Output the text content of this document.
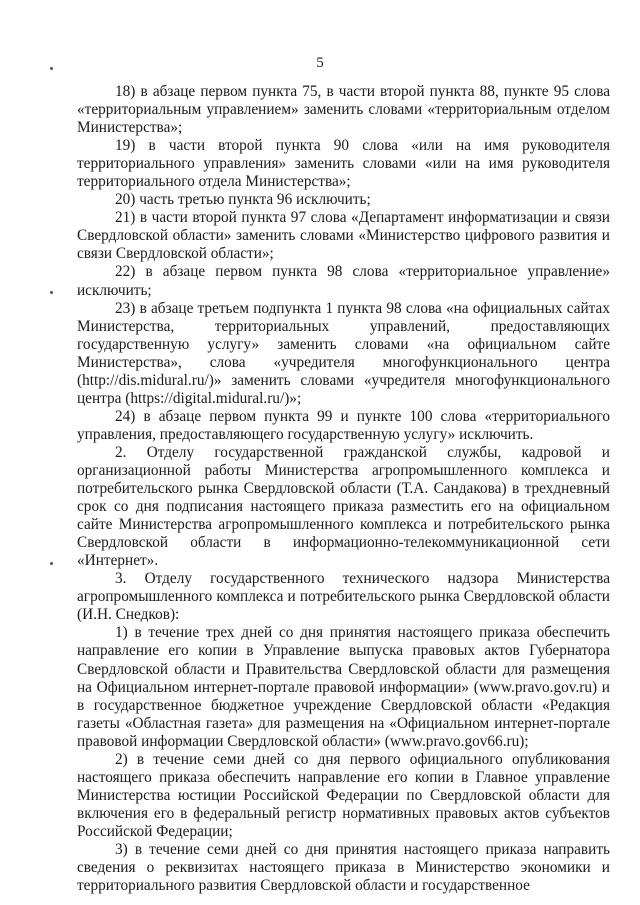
5

18) в абзаце первом пункта 75, в части второй пункта 88, пункте 95 слова «территориальным управлением» заменить словами «территориальным отделом Министерства»;

19) в части второй пункта 90 слова «или на имя руководителя территориального управления» заменить словами «или на имя руководителя территориального отдела Министерства»;

20) часть третью пункта 96 исключить;

21) в части второй пункта 97 слова «Департамент информатизации и связи Свердловской области» заменить словами «Министерство цифрового развития и связи Свердловской области»;

22) в абзаце первом пункта 98 слова «территориальное управление» исключить;

23) в абзаце третьем подпункта 1 пункта 98 слова «на официальных сайтах Министерства, территориальных управлений, предоставляющих государственную услугу» заменить словами «на официальном сайте Министерства», слова «учредителя многофункционального центра (http://dis.midural.ru/)» заменить словами «учредителя многофункционального центра (https://digital.midural.ru/)»;

24) в абзаце первом пункта 99 и пункте 100 слова «территориального управления, предоставляющего государственную услугу» исключить.

2. Отделу государственной гражданской службы, кадровой и организационной работы Министерства агропромышленного комплекса и потребительского рынка Свердловской области (Т.А. Сандакова) в трехдневный срок со дня подписания настоящего приказа разместить его на официальном сайте Министерства агропромышленного комплекса и потребительского рынка Свердловской области в информационно-телекоммуникационной сети «Интернет».

3. Отделу государственного технического надзора Министерства агропромышленного комплекса и потребительского рынка Свердловской области (И.Н. Снедков):

1) в течение трех дней со дня принятия настоящего приказа обеспечить направление его копии в Управление выпуска правовых актов Губернатора Свердловской области и Правительства Свердловской области для размещения на Официальном интернет-портале правовой информации» (www.pravo.gov.ru) и в государственное бюджетное учреждение Свердловской области «Редакция газеты «Областная газета» для размещения на «Официальном интернет-портале правовой информации Свердловской области» (www.pravo.gov66.ru);

2) в течение семи дней со дня первого официального опубликования настоящего приказа обеспечить направление его копии в Главное управление Министерства юстиции Российской Федерации по Свердловской области для включения его в федеральный регистр нормативных правовых актов субъектов Российской Федерации;

3) в течение семи дней со дня принятия настоящего приказа направить сведения о реквизитах настоящего приказа в Министерство экономики и территориального развития Свердловской области и государственное
